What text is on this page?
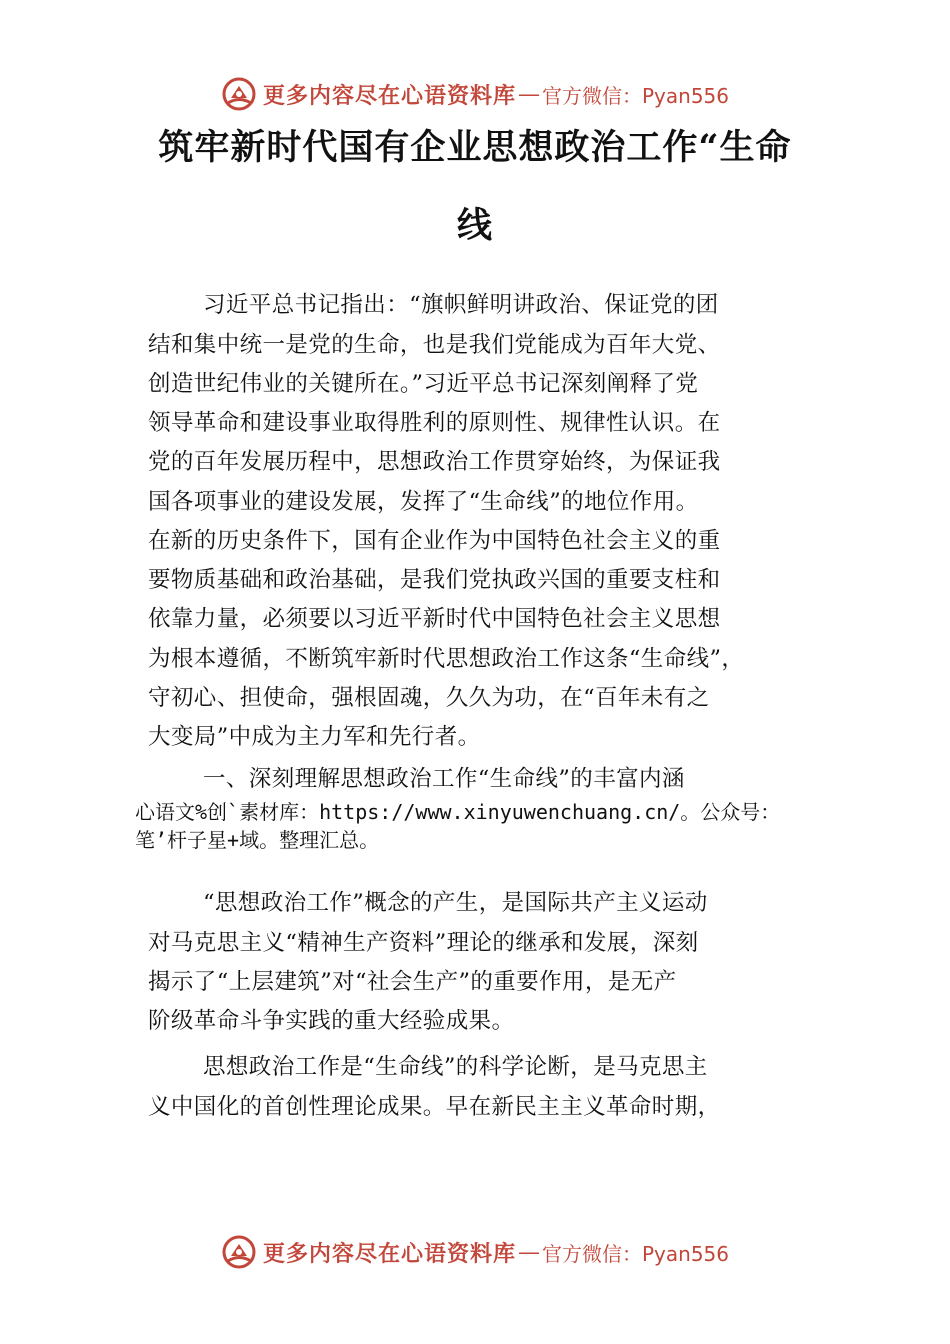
更多内容尽在心语资料库 — 官方微信：Pyan556
筑牢新时代国有企业思想政治工作“生命
线
习近平总书记指出：“旗帜鲜明讲政治、保证党的团
结和集中统一是党的生命，也是我们党能成为百年大党、
创造世纪伟业的关键所在。”习近平总书记深刻阐释了党
领导革命和建设事业取得胜利的原则性、规律性认识。在
党的百年发展历程中，思想政治工作贯穿始终，为保证我
国各项事业的建设发展，发挥了“生命线”的地位作用。
在新的历史条件下，国有企业作为中国特色社会主义的重
要物质基础和政治基础，是我们党执政兴国的重要支柱和
依靠力量，必须要以习近平新时代中国特色社会主义思想
为根本遵循，不断筑牢新时代思想政治工作这条“生命线”，
守初心、担使命，强根固魂，久久为功，在“百年未有之
大变局”中成为主力军和先行者。
一、深刻理解思想政治工作“生命线”的丰富内涵
心语文%创`素材库：https://www.xinyuwenchuang.cn/。公众号：
笔’杆子星+域。整理汇总。
“思想政治工作”概念的产生，是国际共产主义运动
对马克思主义“精神生产资料”理论的继承和发展，深刻
揭示了“上层建筑”对“社会生产”的重要作用，是无产
阶级革命斗争实践的重大经验成果。
思想政治工作是“生命线”的科学论断，是马克思主
义中国化的首创性理论成果。早在新民主主义革命时期，
更多内容尽在心语资料库 — 官方微信：Pyan556
